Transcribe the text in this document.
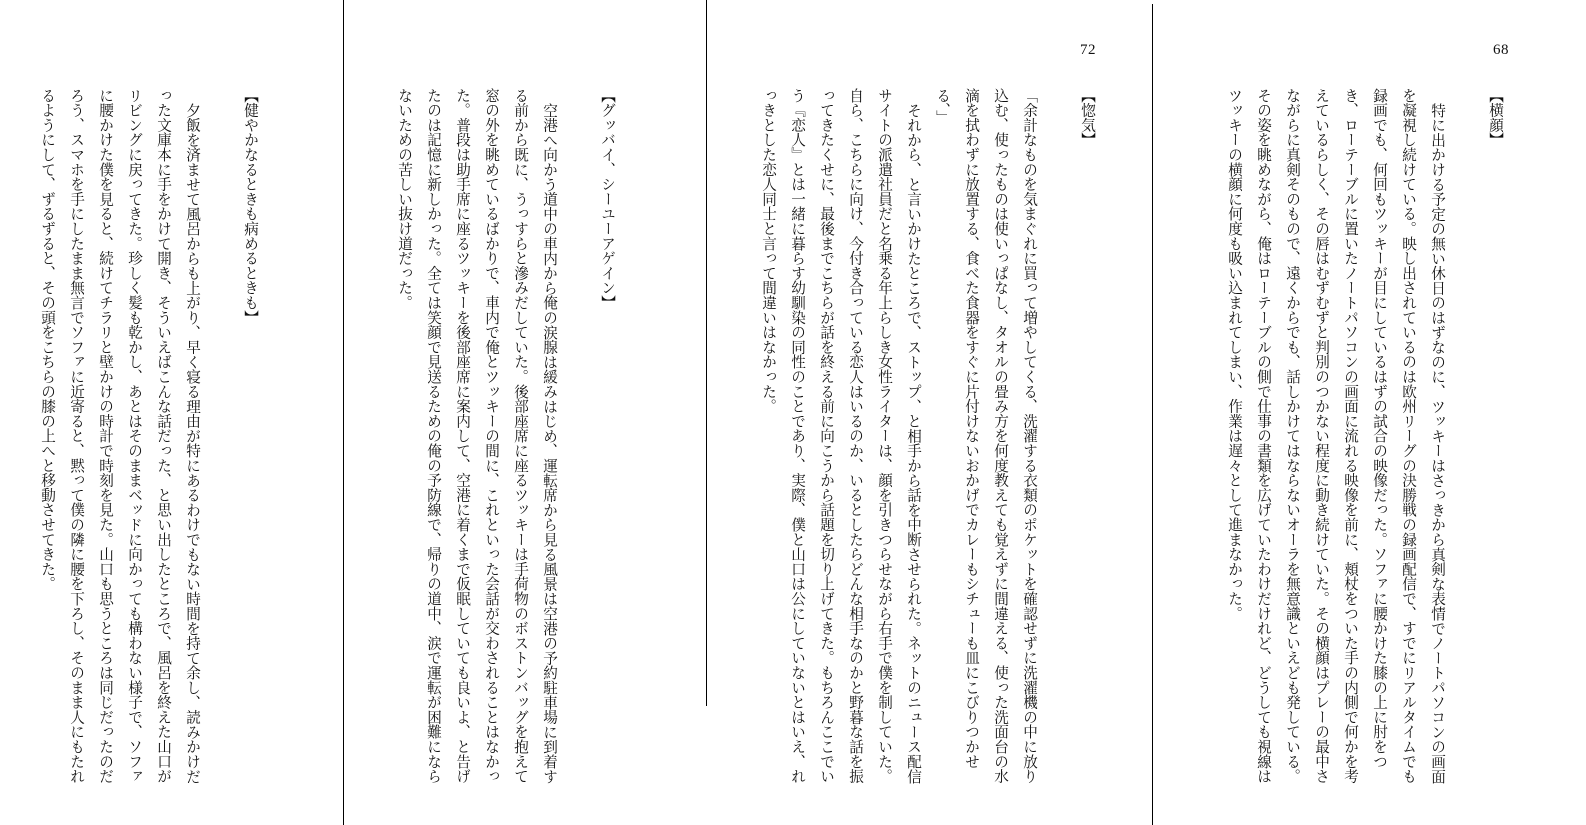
68

【横顔】

特に出かける予定の無い休日のはずなのに、ツッキーはさっきから真剣な表情でノートパソコンの画面を凝視し続けている。映し出されているのは欧州リーグの決勝戦の録画配信で、すでにリアルタイムでも録画でも、何回もツッキーが目にしているはずの試合の映像だった。ソファに腰かけた膝の上に肘をつき、ローテーブルに置いたノートパソコンの画面に流れる映像を前に、頬杖をついた手の内側で何かを考えているらしく、その唇はむずむずと判別のつかない程度に動き続けていた。その横顔はプレーの最中さながらに真剣そのもので、遠くからでも、話しかけてはならないオーラを無意識といえども発している。その姿を眺めながら、俺はローテーブルの側で仕事の書類を広げていたわけだけれど、どうしても視線はツッキーの横顔に何度も吸い込まれてしまい、作業は遅々として進まなかった。

72

【惚気】

「余計なものを気まぐれに買って増やしてくる、洗濯する衣類のポケットを確認せずに洗濯機の中に放り込む、使ったものは使いっぱなし、タオルの畳み方を何度教えても覚えずに間違える、使った洗面台の水滴を拭わずに放置する、食べた食器をすぐに片付けないおかげでカレーもシチューも皿にこびりつかせる、」

それから、と言いかけたところで、ストップ、と相手から話を中断させられた。ネットのニュース配信サイトの派遣社員だと名乗る年上らしき女性ライターは、顔を引きつらせながら右手で僕を制していた。自ら、こちらに向け、今付き合っている恋人はいるのか、いるとしたらどんな相手なのかと野暮な話を振ってきたくせに、最後までこちらが話を終える前に向こうから話題を切り上げてきた。もちろんここでいう『恋人』とは一緒に暮らす幼馴染の同性のことであり、実際、僕と山口は公にしていないとはいえ、れっきとした恋人同士と言って間違いはなかった。

【グッバイ、シーユーアゲイン】

空港へ向かう道中の車内から俺の涙腺は緩みはじめ、運転席から見る風景は空港の予約駐車場に到着する前から既に、うっすらと滲みだしていた。後部座席に座るツッキーは手荷物のボストンバッグを抱えて窓の外を眺めているばかりで、車内で俺とツッキーの間に、これといった会話が交わされることはなかった。普段は助手席に座るツッキーを後部座席に案内して、空港に着くまで仮眠していても良いよ、と告げたのは記憶に新しかった。全ては笑顔で見送るための俺の予防線で、帰りの道中、涙で運転が困難にならないための苦しい抜け道だった。

【健やかなるときも病めるときも】

夕飯を済ませて風呂からも上がり、早く寝る理由が特にあるわけでもない時間を持て余し、読みかけだった文庫本に手をかけて開き、そういえばこんな話だった、と思い出したところで、風呂を終えた山口がリビングに戻ってきた。珍しく髪も乾かし、あとはそのままベッドに向かっても構わない様子で、ソファに腰かけた僕を見ると、続けてチラリと壁かけの時計で時刻を見た。山口も思うところは同じだったのだろう、スマホを手にしたまま無言でソファに近寄ると、黙って僕の隣に腰を下ろし、そのまま人にもたれるようにして、ずるずると、その頭をこちらの膝の上へと移動させてきた。
